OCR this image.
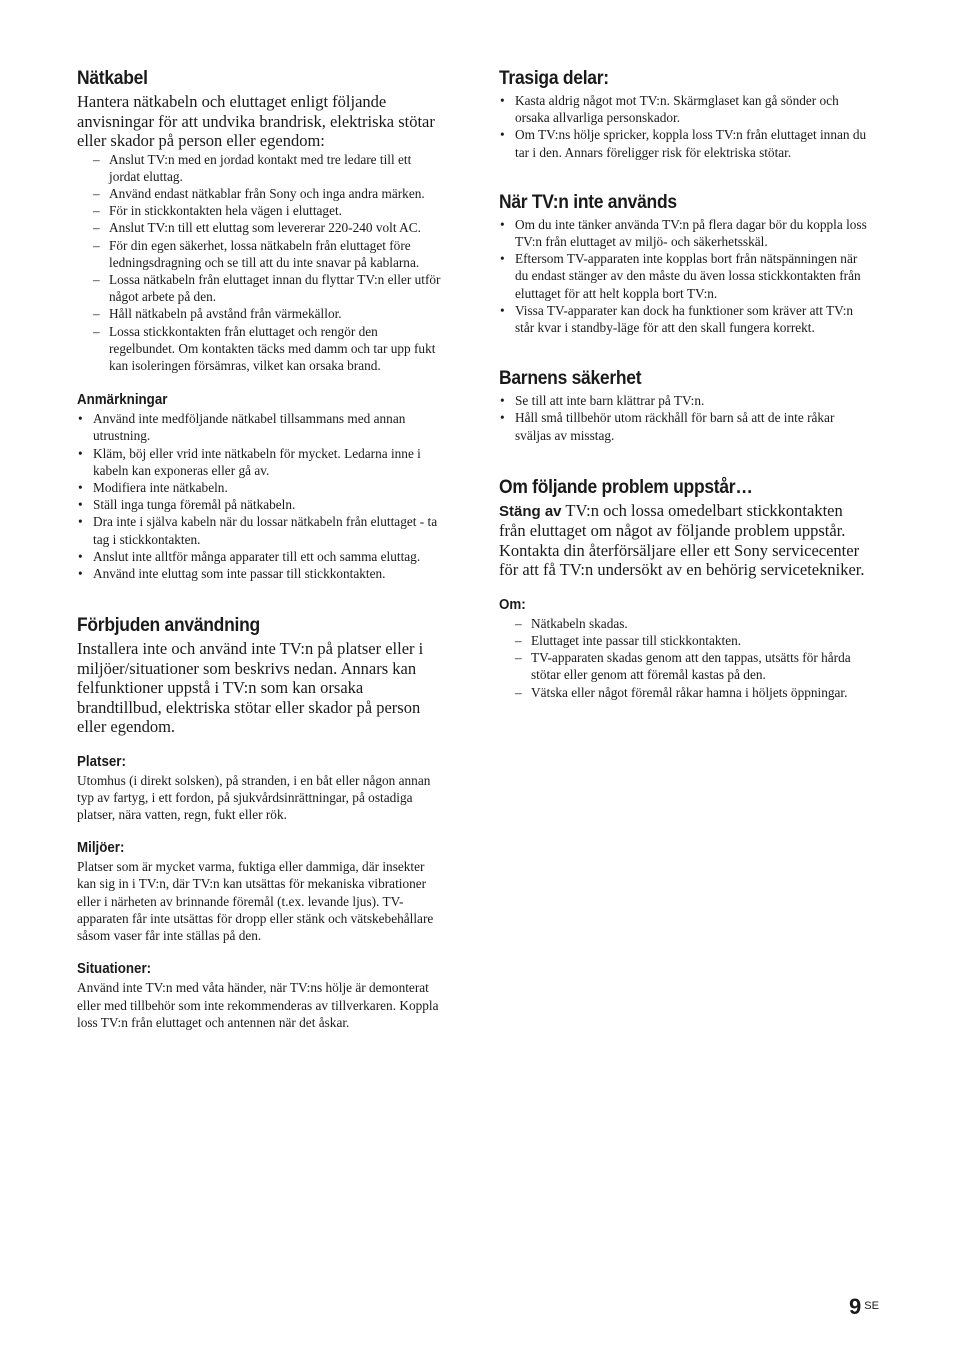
Nätkabel

Hantera nätkabeln och eluttaget enligt följande anvisningar för att undvika brandrisk, elektriska stötar eller skador på person eller egendom:

– Anslut TV:n med en jordad kontakt med tre ledare till ett jordat eluttag.
– Använd endast nätkablar från Sony och inga andra märken.
– För in stickkontakten hela vägen i eluttaget.
– Anslut TV:n till ett eluttag som levererar 220-240 volt AC.
– För din egen säkerhet, lossa nätkabeln från eluttaget före ledningsdragning och se till att du inte snavar på kablarna.
– Lossa nätkabeln från eluttaget innan du flyttar TV:n eller utför något arbete på den.
– Håll nätkabeln på avstånd från värmekällor.
– Lossa stickkontakten från eluttaget och rengör den regelbundet. Om kontakten täcks med damm och tar upp fukt kan isoleringen försämras, vilket kan orsaka brand.
Anmärkningar
• Använd inte medföljande nätkabel tillsammans med annan utrustning.
• Kläm, böj eller vrid inte nätkabeln för mycket. Ledarna inne i kabeln kan exponeras eller gå av.
• Modifiera inte nätkabeln.
• Ställ inga tunga föremål på nätkabeln.
• Dra inte i själva kabeln när du lossar nätkabeln från eluttaget - ta tag i stickkontakten.
• Anslut inte alltför många apparater till ett och samma eluttag.
• Använd inte eluttag som inte passar till stickkontakten.
Förbjuden användning

Installera inte och använd inte TV:n på platser eller i miljöer/situationer som beskrivs nedan. Annars kan felfunktioner uppstå i TV:n som kan orsaka brandtillbud, elektriska stötar eller skador på person eller egendom.

Platser:

Utomhus (i direkt solsken), på stranden, i en båt eller någon annan typ av fartyg, i ett fordon, på sjukvårdsinrättningar, på ostadiga platser, nära vatten, regn, fukt eller rök.

Miljöer:

Platser som är mycket varma, fuktiga eller dammiga, där insekter kan sig in i TV:n, där TV:n kan utsättas för mekaniska vibrationer eller i närheten av brinnande föremål (t.ex. levande ljus). TV-apparaten får inte utsättas för dropp eller stänk och vätskebehållare såsom vaser får inte ställas på den.

Situationer:

Använd inte TV:n med våta händer, när TV:ns hölje är demonterat eller med tillbehör som inte rekommenderas av tillverkaren. Koppla loss TV:n från eluttaget och antennen när det åskar.

Trasiga delar:
• Kasta aldrig något mot TV:n. Skärmglaset kan gå sönder och orsaka allvarliga personskador.
• Om TV:ns hölje spricker, koppla loss TV:n från eluttaget innan du tar i den. Annars föreligger risk för elektriska stötar.
När TV:n inte används
• Om du inte tänker använda TV:n på flera dagar bör du koppla loss TV:n från eluttaget av miljö- och säkerhetsskäl.
• Eftersom TV-apparaten inte kopplas bort från nätspänningen när du endast stänger av den måste du även lossa stickkontakten från eluttaget för att helt koppla bort TV:n.
• Vissa TV-apparater kan dock ha funktioner som kräver att TV:n står kvar i standby-läge för att den skall fungera korrekt.
Barnens säkerhet
• Se till att inte barn klättrar på TV:n.
• Håll små tillbehör utom räckhåll för barn så att de inte råkar sväljas av misstag.
Om följande problem uppstår…

Stäng av TV:n och lossa omedelbart stickkontakten från eluttaget om något av följande problem uppstår. Kontakta din återförsäljare eller ett Sony servicecenter för att få TV:n undersökt av en behörig servicetekniker.

Om:
– Nätkabeln skadas.
– Eluttaget inte passar till stickkontakten.
– TV-apparaten skadas genom att den tappas, utsätts för hårda stötar eller genom att föremål kastas på den.
– Vätska eller något föremål råkar hamna i höljets öppningar.
9 $^{SE}$
